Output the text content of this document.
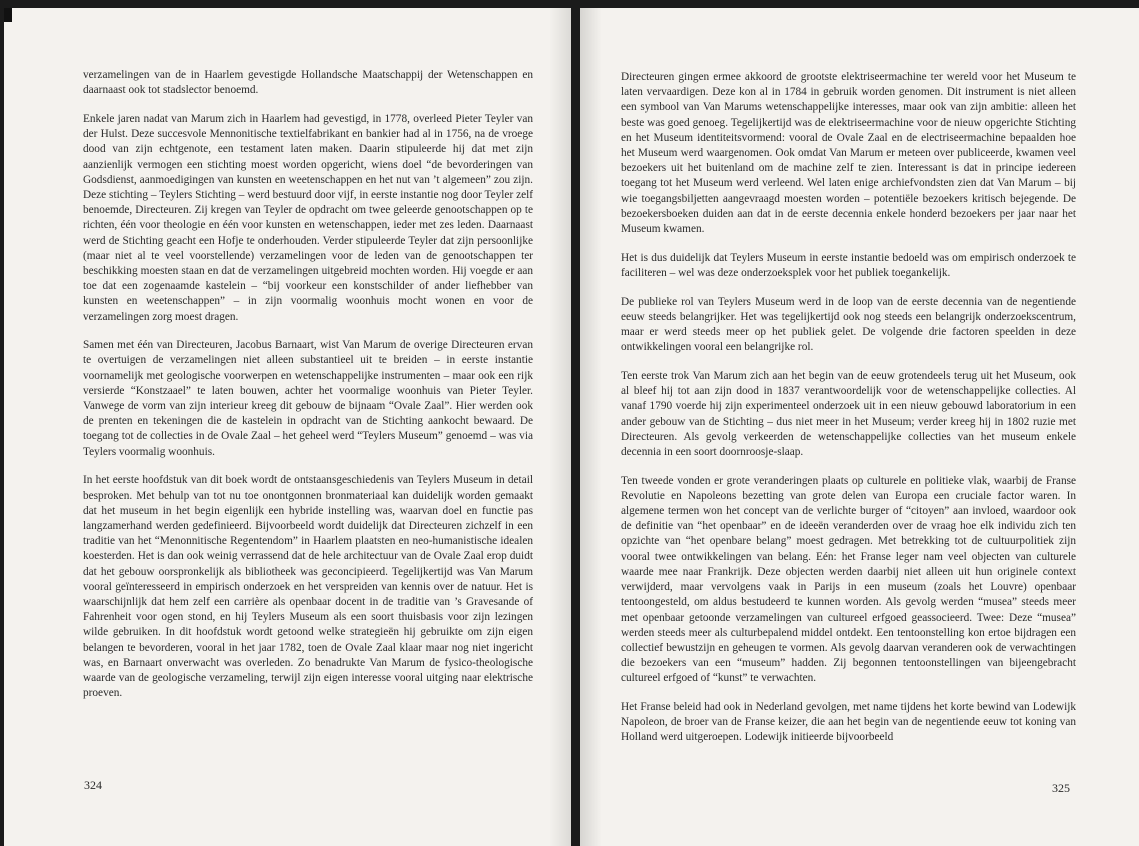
verzamelingen van de in Haarlem gevestigde Hollandsche Maatschappij der Wetenschappen en daarnaast ook tot stadslector benoemd.

Enkele jaren nadat van Marum zich in Haarlem had gevestigd, in 1778, overleed Pieter Teyler van der Hulst. Deze succesvole Mennonitische textielfabrikant en bankier had al in 1756, na de vroege dood van zijn echtgenote, een testament laten maken. Daarin stipuleerde hij dat met zijn aanzienlijk vermogen een stichting moest worden opgericht, wiens doel “de bevorderingen van Godsdienst, aanmoedigingen van kunsten en weetenschappen en het nut van ’t algemeen” zou zijn. Deze stichting – Teylers Stichting – werd bestuurd door vijf, in eerste instantie nog door Teyler zelf benoemde, Directeuren. Zij kregen van Teyler de opdracht om twee geleerde genootschappen op te richten, één voor theologie en één voor kunsten en wetenschappen, ieder met zes leden. Daarnaast werd de Stichting geacht een Hofje te onderhouden. Verder stipuleerde Teyler dat zijn persoonlijke (maar niet al te veel voorstellende) verzamelingen voor de leden van de genootschappen ter beschikking moesten staan en dat de verzamelingen uitgebreid mochten worden. Hij voegde er aan toe dat een zogenaamde kastelein – “bij voorkeur een konstschilder of ander liefhebber van kunsten en weetenschappen” – in zijn voormalig woonhuis mocht wonen en voor de verzamelingen zorg moest dragen.

Samen met één van Directeuren, Jacobus Barnaart, wist Van Marum de overige Directeuren ervan te overtuigen de verzamelingen niet alleen substantieel uit te breiden – in eerste instantie voornamelijk met geologische voorwerpen en wetenschappelijke instrumenten – maar ook een rijk versierde “Konstzaael” te laten bouwen, achter het voormalige woonhuis van Pieter Teyler. Vanwege de vorm van zijn interieur kreeg dit gebouw de bijnaam “Ovale Zaal”. Hier werden ook de prenten en tekeningen die de kastelein in opdracht van de Stichting aankocht bewaard. De toegang tot de collecties in de Ovale Zaal – het geheel werd “Teylers Museum” genoemd – was via Teylers voormalig woonhuis.

In het eerste hoofdstuk van dit boek wordt de ontstaansgeschiedenis van Teylers Museum in detail besproken. Met behulp van tot nu toe onontgonnen bronmateriaal kan duidelijk worden gemaakt dat het museum in het begin eigenlijk een hybride instelling was, waarvan doel en functie pas langzamerhand werden gedefinieerd. Bijvoorbeeld wordt duidelijk dat Directeuren zichzelf in een traditie van het “Menonnitische Regentendom” in Haarlem plaatsten en neo-humanistische idealen koesterden. Het is dan ook weinig verrassend dat de hele architectuur van de Ovale Zaal erop duidt dat het gebouw oorspronkelijk als bibliotheek was geconcipieerd. Tegelijkertijd was Van Marum vooral geïnteresseerd in empirisch onderzoek en het verspreiden van kennis over de natuur. Het is waarschijnlijk dat hem zelf een carrière als openbaar docent in de traditie van ’s Gravesande of Fahrenheit voor ogen stond, en hij Teylers Museum als een soort thuisbasis voor zijn lezingen wilde gebruiken. In dit hoofdstuk wordt getoond welke strategieën hij gebruikte om zijn eigen belangen te bevorderen, vooral in het jaar 1782, toen de Ovale Zaal klaar maar nog niet ingericht was, en Barnaart onverwacht was overleden. Zo benadrukte Van Marum de fysico-theologische waarde van de geologische verzameling, terwijl zijn eigen interesse vooral uitging naar elektrische proeven.

324

Directeuren gingen ermee akkoord de grootste elektriseermachine ter wereld voor het Museum te laten vervaardigen. Deze kon al in 1784 in gebruik worden genomen. Dit instrument is niet alleen een symbool van Van Marums wetenschappelijke interesses, maar ook van zijn ambitie: alleen het beste was goed genoeg. Tegelijkertijd was de elektriseermachine voor de nieuw opgerichte Stichting en het Museum identiteitsvormend: vooral de Ovale Zaal en de electriseermachine bepaalden hoe het Museum werd waargenomen. Ook omdat Van Marum er meteen over publiceerde, kwamen veel bezoekers uit het buitenland om de machine zelf te zien. Interessant is dat in principe iedereen toegang tot het Museum werd verleend. Wel laten enige archiefvondsten zien dat Van Marum – bij wie toegangsbiljetten aangevraagd moesten worden – potentiële bezoekers kritisch bejegende. De bezoekersboeken duiden aan dat in de eerste decennia enkele honderd bezoekers per jaar naar het Museum kwamen.

Het is dus duidelijk dat Teylers Museum in eerste instantie bedoeld was om empirisch onderzoek te faciliteren – wel was deze onderzoeksplek voor het publiek toegankelijk.

De publieke rol van Teylers Museum werd in de loop van de eerste decennia van de negentiende eeuw steeds belangrijker. Het was tegelijkertijd ook nog steeds een belangrijk onderzoekscentrum, maar er werd steeds meer op het publiek gelet. De volgende drie factoren speelden in deze ontwikkelingen vooral een belangrijke rol.

Ten eerste trok Van Marum zich aan het begin van de eeuw grotendeels terug uit het Museum, ook al bleef hij tot aan zijn dood in 1837 verantwoordelijk voor de wetenschappelijke collecties. Al vanaf 1790 voerde hij zijn experimenteel onderzoek uit in een nieuw gebouwd laboratorium in een ander gebouw van de Stichting – dus niet meer in het Museum; verder kreeg hij in 1802 ruzie met Directeuren. Als gevolg verkeerden de wetenschappelijke collecties van het museum enkele decennia in een soort doornroosje-slaap.

Ten tweede vonden er grote veranderingen plaats op culturele en politieke vlak, waarbij de Franse Revolutie en Napoleons bezetting van grote delen van Europa een cruciale factor waren. In algemene termen won het concept van de verlichte burger of “citoyen” aan invloed, waardoor ook de definitie van “het openbaar” en de ideeën veranderden over de vraag hoe elk individu zich ten opzichte van “het openbare belang” moest gedragen. Met betrekking tot de cultuurpolitiek zijn vooral twee ontwikkelingen van belang. Eén: het Franse leger nam veel objecten van culturele waarde mee naar Frankrijk. Deze objecten werden daarbij niet alleen uit hun originele context verwijderd, maar vervolgens vaak in Parijs in een museum (zoals het Louvre) openbaar tentoongesteld, om aldus bestudeerd te kunnen worden. Als gevolg werden “musea” steeds meer met openbaar getoonde verzamelingen van cultureel erfgoed geassocieerd. Twee: Deze “musea” werden steeds meer als culturbepalend middel ontdekt. Een tentoonstelling kon ertoe bijdragen een collectief bewustzijn en geheugen te vormen. Als gevolg daarvan veranderen ook de verwachtingen die bezoekers van een “museum” hadden. Zij begonnen tentoonstellingen van bijeengebracht cultureel erfgoed of “kunst” te verwachten.

Het Franse beleid had ook in Nederland gevolgen, met name tijdens het korte bewind van Lodewijk Napoleon, de broer van de Franse keizer, die aan het begin van de negentiende eeuw tot koning van Holland werd uitgeroepen. Lodewijk initieerde bijvoorbeeld

325
